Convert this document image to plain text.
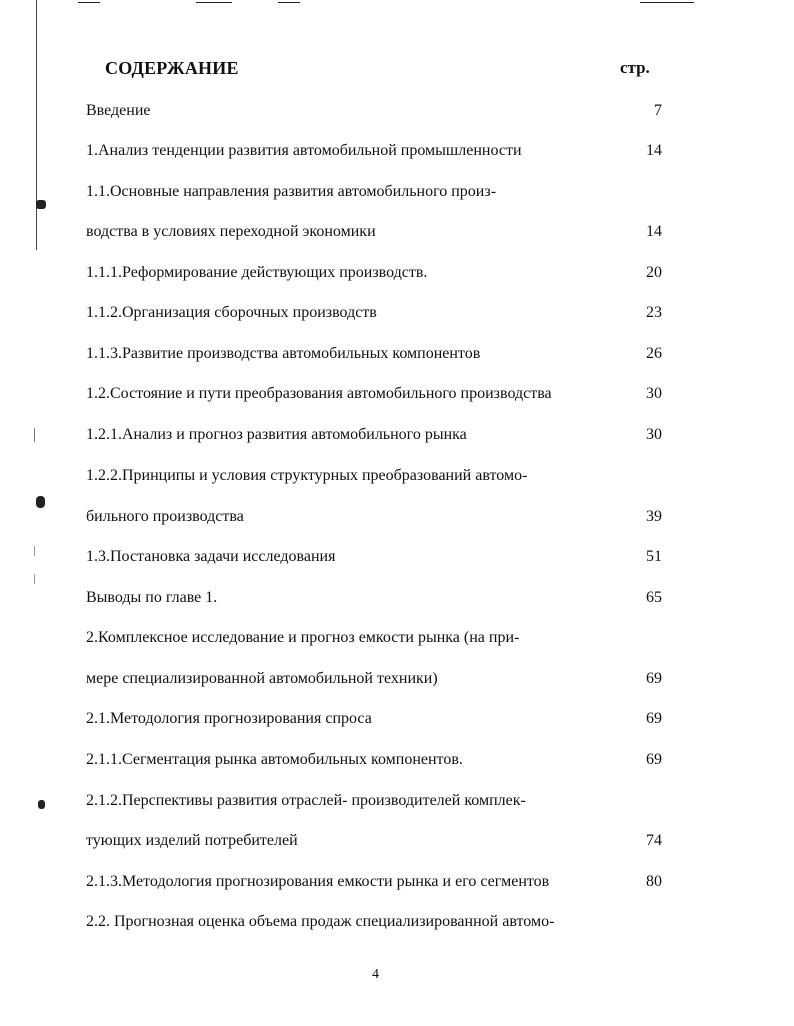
СОДЕРЖАНИЕ	стр.
Введение	7
1.Анализ тенденции развития автомобильной промышленности	14
1.1.Основные направления развития автомобильного произ-
водства в условиях переходной экономики	14
1.1.1.Реформирование действующих производств.	20
1.1.2.Организация сборочных производств	23
1.1.3.Развитие производства автомобильных компонентов	26
1.2.Состояние и пути преобразования автомобильного производства	30
1.2.1.Анализ и прогноз развития автомобильного рынка	30
1.2.2.Принципы и условия структурных преобразований автомо-
бильного производства	39
1.3.Постановка задачи исследования	51
Выводы по главе 1.	65
2.Комплексное исследование и прогноз емкости рынка (на при-
мере специализированной автомобильной техники)	69
2.1.Методология прогнозирования спроса	69
2.1.1.Сегментация рынка автомобильных компонентов.	69
2.1.2.Перспективы развития отраслей- производителей комплек-
тующих изделий потребителей	74
2.1.3.Методология прогнозирования емкости рынка и его сегментов	80
2.2. Прогнозная оценка объема продаж специализированной автомо-
4
